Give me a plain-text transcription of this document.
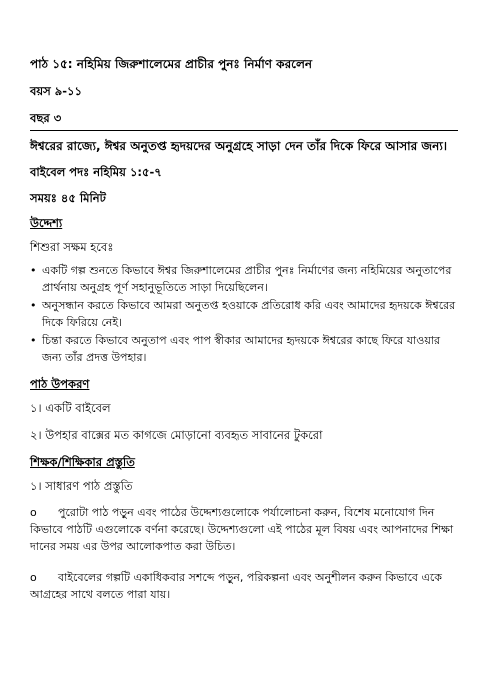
পাঠ ১৫: নহিমিয় জিরুশালেমের প্রাচীর পুনঃ নির্মাণ করলেন
বয়স ৯-১১
বছর ৩
ঈশ্বরের রাজ্যে, ঈশ্বর অনুতপ্ত হৃদয়দের অনুগ্রহে সাড়া দেন তাঁর দিকে ফিরে আসার জন্য।
বাইবেল পদঃ নহিমিয় ১:৫-৭
সময়ঃ ৪৫ মিনিট
উদ্দেশ্য
শিশুরা সক্ষম হবেঃ
• একটি গল্প শুনতে কিভাবে ঈশ্বর জিরুশালেমের প্রাচীর পুনঃ নির্মাণের জন্য নহিমিয়ের অনুতাপের প্রার্থনায় অনুগ্রহ পূর্ণ সহানুভূতিতে সাড়া দিয়েছিলেন।
• অনুসন্ধান করতে কিভাবে আমরা অনুতপ্ত হওয়াকে প্রতিরোধ করি এবং আমাদের হৃদয়কে ঈশ্বরের দিকে ফিরিয়ে নেই।
• চিন্তা করতে কিভাবে অনুতাপ এবং পাপ স্বীকার আমাদের হৃদয়কে ঈশ্বরের কাছে ফিরে যাওয়ার জন্য তাঁর প্রদত্ত উপহার।
পাঠ উপকরণ
১। একটি বাইবেল
২। উপহার বাক্সের মত কাগজে মোড়ানো ব্যবহৃত সাবানের টুকরো
শিক্ষক/শিক্ষিকার প্রস্তুতি
১। সাধারণ পাঠ প্রস্তুতি
o পুরোটা পাঠ পড়ুন এবং পাঠের উদ্দেশ্যগুলোকে পর্যালোচনা করুন, বিশেষ মনোযোগ দিন কিভাবে পাঠটি এগুলোকে বর্ণনা করেছে। উদ্দেশ্যগুলো এই পাঠের মূল বিষয় এবং আপনাদের শিক্ষা দানের সময় এর উপর আলোকপাত করা উচিত।
o বাইবেলের গল্পটি একাধিকবার সশব্দে পড়ুন, পরিকল্পনা এবং অনুশীলন করুন কিভাবে একে আগ্রহের সাথে বলতে পারা যায়।
